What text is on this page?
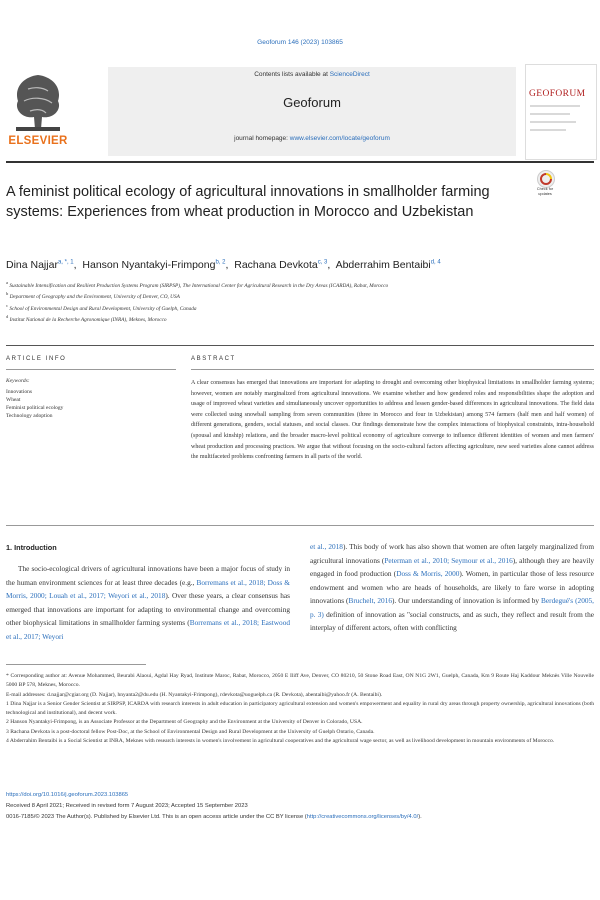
Geoforum 146 (2023) 103865
ELSEVIER
Contents lists available at ScienceDirect
Geoforum
journal homepage: www.elsevier.com/locate/geoforum
GEOFORUM
Check for updates
A feminist political ecology of agricultural innovations in smallholder farming systems: Experiences from wheat production in Morocco and Uzbekistan
Dina Najjar$^{a, *, 1}$,  Hanson Nyantakyi-Frimpong$^{b, 2}$,  Rachana Devkota$^{c, 3}$,  Abderrahim Bentaibi$^{d, 4}$
$^a$ Sustainable Intensification and Resilient Production Systems Program (SIRPSP), The International Center for Agricultural Research in the Dry Areas (ICARDA), Rabat, Morocco
$^b$ Department of Geography and the Environment, University of Denver, CO, USA
$^c$ School of Environmental Design and Rural Development, University of Guelph, Canada
$^d$ Institut National de la Recherche Agronomique (INRA), Meknes, Morocco
ARTICLE INFO	ABSTRACT
Keywords:
Innovations
Wheat
Feminist political ecology
Technology adoption
A clear consensus has emerged that innovations are important for adapting to drought and overcoming other biophysical limitations in smallholder farming systems; however, women are notably marginalized from agricultural innovations. We examine whether and how gendered roles and responsibilities shape the adoption and usage of improved wheat varieties and simultaneously uncover opportunities to address and lessen gender-based differences in agricultural innovations. The field data were collected using snowball sampling from seven communities (three in Morocco and four in Uzbekistan) among 574 farmers (half men and half women) of different generations, genders, social statuses, and social classes. Our findings demonstrate how the complex interactions of biophysical constraints, intra-household (spousal and kinship) relations, and the broader macro-level political economy of agriculture converge to influence different identities of women and men farmers' wheat production and processing practices. We argue that without focusing on the socio-cultural factors affecting agriculture, new seed varieties alone cannot address the multifaceted problems confronting farmers in all parts of the world.
1. Introduction
The socio-ecological drivers of agricultural innovations have been a major focus of study in the human environment sciences for at least three decades (e.g., Borremans et al., 2018; Doss & Morris, 2000; Louah et al., 2017; Weyori et al., 2018). Over these years, a clear consensus has emerged that innovations are important for adapting to environmental change and overcoming other biophysical limitations in smallholder farming systems (Borremans et al., 2018; Eastwood et al., 2017; Weyori
et al., 2018). This body of work has also shown that women are often largely marginalized from agricultural innovations (Peterman et al., 2010; Seymour et al., 2016), although they are heavily engaged in food production (Doss & Morris, 2000). Women, in particular those of less resource endowment and women who are heads of households, are likely to fare worse in adopting innovations (Bruchelt, 2016). Our understanding of innovation is informed by Berdegué's (2005, p. 3) definition of innovation as "social constructs, and as such, they reflect and result from the interplay of different actors, often with conflicting
* Corresponding author at: Avenue Mohammed, Beurabi Alaoui, Agdal Hay Ryad, Institute Maroc, Rabat, Morocco, 2050 E Iliff Ave, Denver, CO 80210, 50 Stone Road East, ON N1G 2W1, Guelph, Canada, Km 9 Route Haj Kaddour Meknès Ville Nouvelle 5000 BP 578, Meknes, Morocco.
E-mail addresses: d.najjar@cgiar.org (D. Najjar), hnyanta2@du.edu (H. Nyantakyi-Frimpong), rdevkota@uoguelph.ca (R. Devkota), abentaibi@yahoo.fr (A. Bentaibi).
1 Dina Najjar is a Senior Gender Scientist at SIRPSP, ICARDA with research interests in adult education in participatory agricultural extension and women's empowerment and equality in rural dry areas through property ownership, agricultural innovations (both technological and institutional), and decent work.
2 Hanson Nyantakyi-Frimpong, is an Associate Professor at the Department of Geography and the Environment at the University of Denver in Colorado, USA.
3 Rachana Devkota is a post-doctoral fellow Post-Doc, at the School of Environmental Design and Rural Development at the University of Guelph Ontario, Canada.
4 Abderrahim Bentaibi is a Social Scientist at INRA, Meknes with research interests in women's involvement in agricultural cooperatives and the agricultural wage sector, as well as livelihood development in mountain environments of Morocco.
https://doi.org/10.1016/j.geoforum.2023.103865
Received 8 April 2021; Received in revised form 7 August 2023; Accepted 15 September 2023
0016-7185/© 2023 The Author(s). Published by Elsevier Ltd. This is an open access article under the CC BY license (http://creativecommons.org/licenses/by/4.0/).
